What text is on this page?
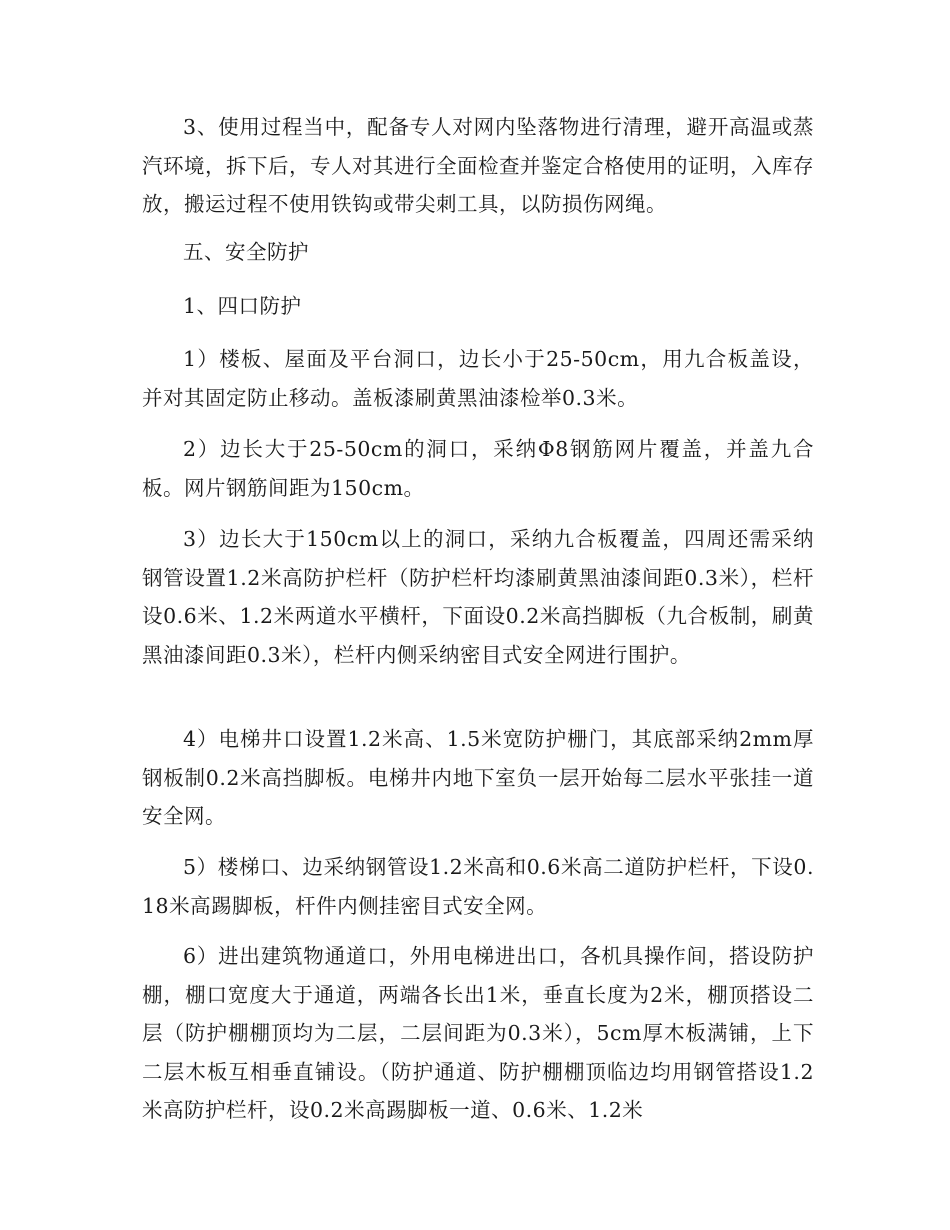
3、使用过程当中，配备专人对网内坠落物进行清理，避开高温或蒸汽环境，拆下后，专人对其进行全面检查并鉴定合格使用的证明，入库存放，搬运过程不使用铁钩或带尖刺工具，以防损伤网绳。

五、安全防护

1、四口防护

1）楼板、屋面及平台洞口，边长小于25-50cm，用九合板盖设，并对其固定防止移动。盖板漆刷黄黑油漆检举0.3米。

2）边长大于25-50cm的洞口，采纳Φ8钢筋网片覆盖，并盖九合板。网片钢筋间距为150cm。

3）边长大于150cm以上的洞口，采纳九合板覆盖，四周还需采纳钢管设置1.2米高防护栏杆（防护栏杆均漆刷黄黑油漆间距0.3米），栏杆设0.6米、1.2米两道水平横杆，下面设0.2米高挡脚板（九合板制，刷黄黑油漆间距0.3米），栏杆内侧采纳密目式安全网进行围护。

4）电梯井口设置1.2米高、1.5米宽防护栅门，其底部采纳2mm厚钢板制0.2米高挡脚板。电梯井内地下室负一层开始每二层水平张挂一道安全网。

5）楼梯口、边采纳钢管设1.2米高和0.6米高二道防护栏杆，下设0.18米高踢脚板，杆件内侧挂密目式安全网。

6）进出建筑物通道口，外用电梯进出口，各机具操作间，搭设防护棚，棚口宽度大于通道，两端各长出1米，垂直长度为2米，棚顶搭设二层（防护棚棚顶均为二层，二层间距为0.3米），5cm厚木板满铺，上下二层木板互相垂直铺设。（防护通道、防护棚棚顶临边均用钢管搭设1.2米高防护栏杆，设0.2米高踢脚板一道、0.6米、1.2米
